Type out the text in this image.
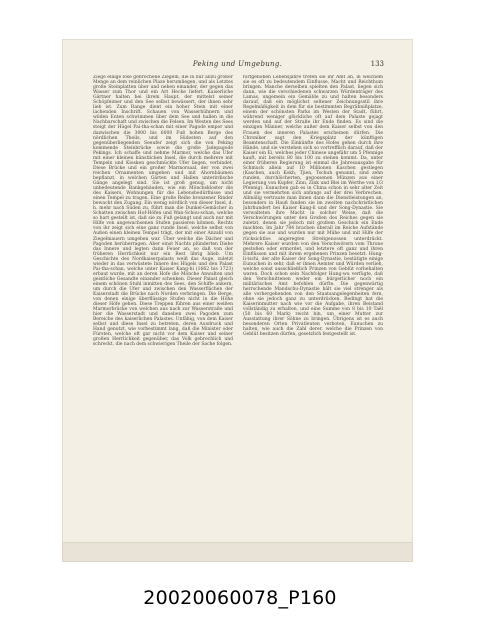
Peking und Umgebung.	133
Ziege einige lose gebrochene Ziegeln, die in nur allzu großer Menge an dem reinlichen Plaze herumliegen, und als Letztes große Steinplatten über und neben einander, der gegen das Wasser zum Thor und ein Art Hecke liefert. Kaiserliche Gärtner halten bei ihrem Haupt, der mittelst seiner Schöpfeimer und den See selbst bewässert, der ihnen sehr lieb ist. Zum Range dient ein hoher Stein mit einer lachenden Inschrift. Schauen von Wasserhühnern und wilden Enten schwimmen über dem See und hallen in die Nachbarschaft und zwischen die Felsen. Im Westen des Sees steigt der Hügel Pai-tha-schan mit einer Pagode empor und dazwischen die 3000 bis 6000 Fuß hohen Berge des nördlichen Theils, und im Südosten auf den gegenüberliegenden Seeufer zeigt sich die von Peking kommende Steinbrücke sowie die große Jadepagode Pekings. Ich schaffe und nehme Marmor, welche das Ufer mit einer kleinen künstlichen Insel, die durch mehrere mit Tempeln und Kiosken geschmückte Ufer liegen, verbindet. Diese Brücke und ein großer Marmorsaal, der von zwei reichen Ornamenten umgeben und mit Ahornbäumen bepflanzt, in welchen Gärten und Hallen unterirdische Gänge angelegt sind. Sie ist groß genug, um nicht unbedeutende Bankgebäuden, wie ein Mönchskloster die des Kaisers, Wohnungen für die Lebensbedürfnisse und einen Tempel zu tragen. Eine große Reihe bronzener Rinder bewacht den Zugang. Ein wenig nördlich von dieser Insel, d. h. mehr nach Süden zu, führt man die Dunkel-Gemächer in Schatten zwischen Hof-Höfen und Wan-Schou-schan, welche so hart gestellt ist, daß sie zu Fuß gelangt und auch nur mit Hilfe von angewachsenen Stufen passieren können. Rechts von ihr zeigt sich eine ganz runde Insel, welche selbst von Außen einen kleinen Tempel trägt, der mit einer Anzahl von Ziegelmauern umgeben war. Über welche die Dächer und Pagoden herüberragen. Aber einst Nachts plünderten Diebe das Innere und legten dann Feuer an, so daß von der früheren Herrlichkeit nur ein Rest übrig blieb. Um Geschichte des Nordkaiserpalasts weiß das Auge, zuletzt wieder in das verwüstete Innere des Hügels und den Palast Pai-tha-schan, welche unter Kaiser Kang-hi (1662 bis 1723) erbaut wurde, mit an deren Hofe die Mönche Anwalten und geistliche Gesandte einander schenken. Dieser Palast gleich einem schönen Stuhl inmitten des Sees, den Schiffe ankern, um durch die Ufer und zwischen den Wasserflächen der Kaiserstadt die Brücke nach Norden verbringen. Die Berge, von denen einige überflüssige Stufen nicht in die Höhe dieser Höfe gehen. Diese Treppen führen aus einer weißen Marmorbrücke von welchen aus nach zur Wasserstraße und hier die Wasserstadt und daneben zwei Pagoden zum Bereiche des kaiserlichen Palastes. Unfähig, von dem Kaiser selbst und diese Insel zu betreten, deren Ausdruck und Hand genutzt, wie vorbestimmt lang, daß die Minister oder Fürsten, welche oft gar nicht vor dem Kaiser und seiner großen Herrlichkeit gegenüber, das Volk gebrechlich und schreckt, die nach dem schwierigen Theile der Sache folgen.
fortgehoben Lebensjahre treten sie ihr Amt an, in welchem sie es oft zu bedeutendem Einflusse, Macht und Reichthum bringen. Manche derselben spielten den Palast, liegen sich dann, wie die verschiedenen schwarzen Würdenträger des Lamas, ungemein ein Gemälde zu und halten besonders darauf, daß ein möglichst seltener Zeichnungsstil ihre Regelmäßigkeit in dem für sie bestimmten Begräbnißplatze, einem der schönsten Parks im Westen der Stadt, führt, während weniger glückliche oft auf dem Palaste gejagt werden und auf der Straße ihr Ende finden. Es sind die einzigen Männer, welche außer dem Kaiser selbst von den Frauen des inneren Palastes erscheinen dürfen. Die Chroniker sagt den Kriegsplatz der künftigen Beamtenschaft. Die Einkünfte des Hofes gehen durch ihre Hände, und sie verstehen sich so vortrefflich darauf, daß der Kaiser ein Ei, welches jeder Chinese ungefähr um 5 Pfennige kauft, mit bereits 80 bis 100 zu stehen kommt. Da, unter einer früheren Regierung ist einmal die Jahresausgabe für Schmuck allein auf 10 Millionen Kaschen gestiegen (Kaschen, auch Kokh, Tjien, Tschuh genannt, sind zehn runden, durchlöcherten, gegossenen Münzen aus einer Legierung von Kupfer, Zinn, Zink und Blei im Werthe von 1/3 Pfennig). Eunuchen gab es in China schon in sehr alter Zeit und sie vermehrten sich anfangs auf der drei Verbrechen. Allmälig vertraute man ihnen dann die Dienstleistungen an, besonders in Hauß fanden sie im zweiten nachchristlichen Jahrhundert bei Kaiser Kang-li und der Song-Dynastie. Sie verwalteten ihre Macht in solcher Weise, daß die Verschwörungen unter den Großen des Reiches gegen sie zuletzt, denen sie jedoch mit großem Geschick ein Ende machten. Im Jahr 784 brachen überall im Reiche Aufstände gegen sie aus und wurden nur mit Mühe und mit Hilfe der rücksichtlos angeregten Streitgenossen unterdrückt. Mehrere Kaiser wurden von den Verschwörern vom Throne gestoßen oder ermordet, und letztere oft ganz und ihren Einflüssen und mit ihrem ergebenen Prinzen besetzt. Hung-li-tschi, der alte Kaiser der Song-Dynastie, bestätigte einige Eunuchen in sehr, daß er ihnen Aemter und Würden verlieh, welche sonst ausschließlich Prinzen von Geblüt vorbehalten waren. Doch schon sein Nachfolger Hung-wu verfügte, daß den Verschnittenen weder ein bürgerlicher noch ein militärisches Amt befohlen dürfte. Die gegenwärtig herrschende Mandschu-Dynastie hält sie viel strenger als alle vorhergehenden von den Staatsangelegenheiten fern, ohne sie jedoch ganz zu unterdrücken. Bedingt hat die Kaiserinmutter nach wie vor die Aufgabe, ihren Beistand vollständig zu erhalten, und eine Summe von 8 bis 10 Taël (50 bis 60 Mark) reicht hin, um einer Mutter zur Ausstattung ihrer Söhne zu bringen. Übrigens ist es auch besonderen Orten Privatleuten verboten, Eunuchen zu halten, wie auch die Zahl derer, welche die Prinzen von Geblüt besitzen dürfen, gesetzlich festgestellt ist.
20020060078_P160
